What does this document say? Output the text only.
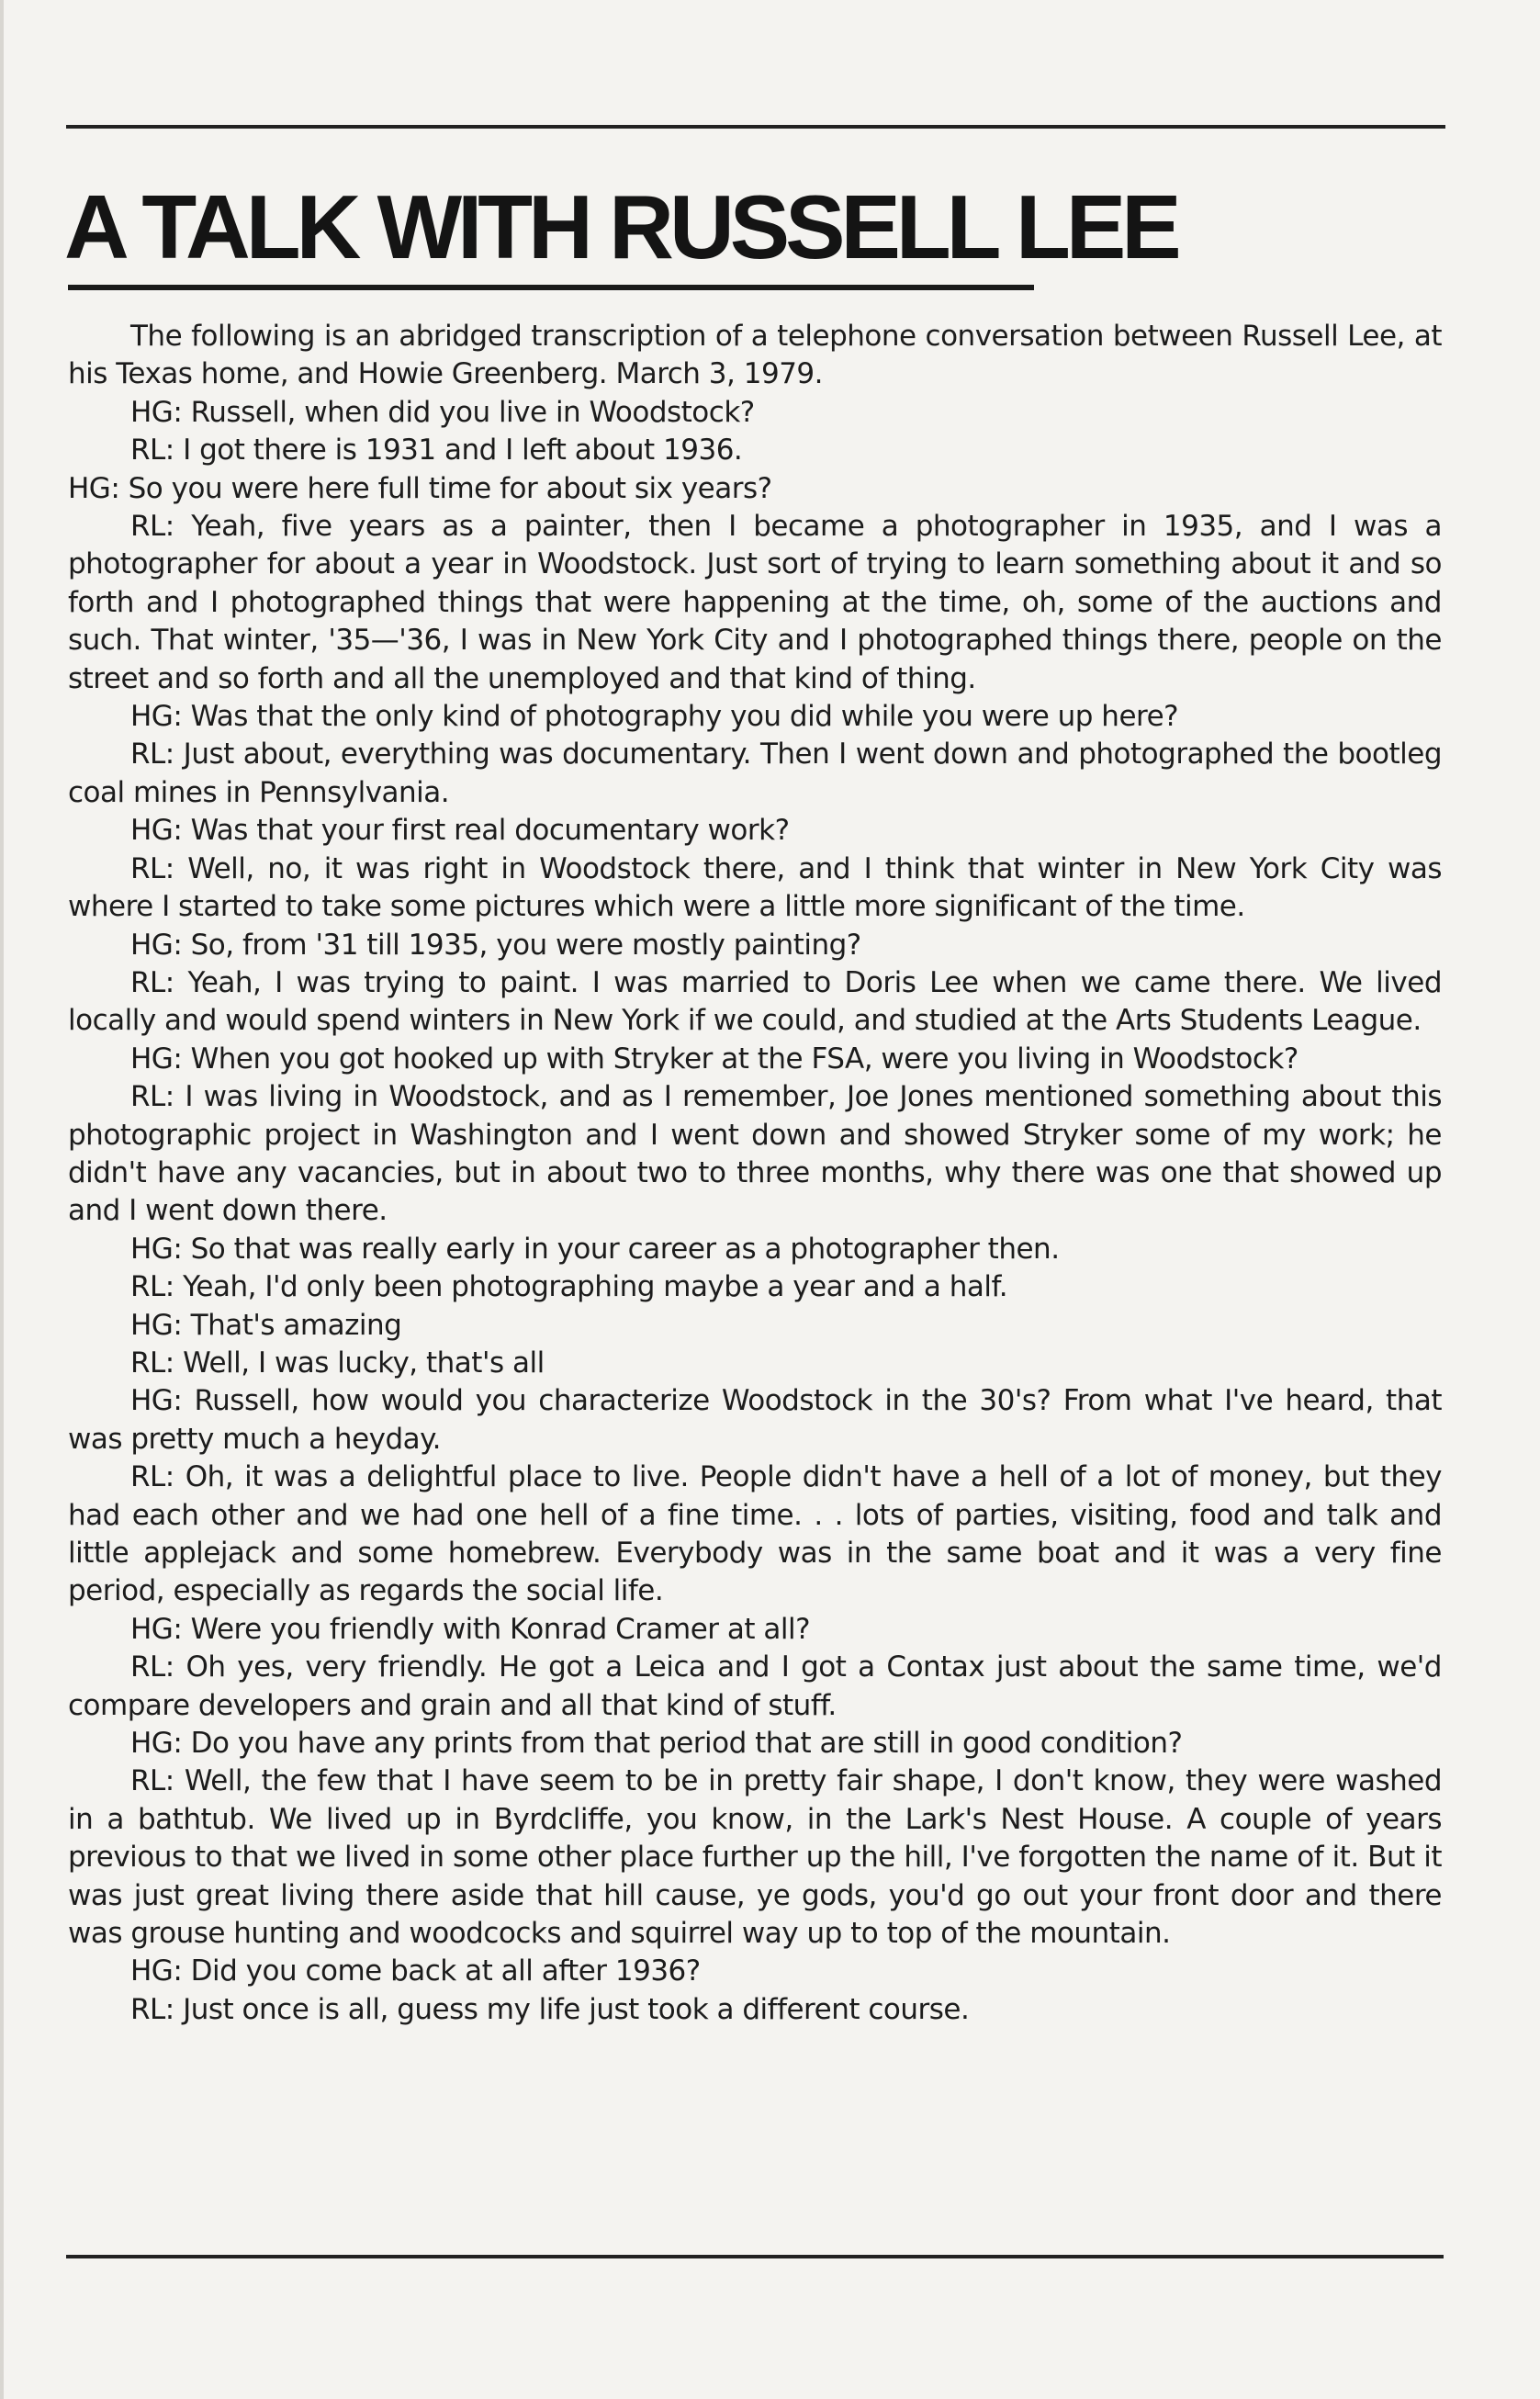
A TALK WITH RUSSELL LEE

The following is an abridged transcription of a telephone conversation between Russell Lee, at his Texas home, and Howie Greenberg. March 3, 1979.

HG: Russell, when did you live in Woodstock?

RL: I got there is 1931 and I left about 1936.

HG: So you were here full time for about six years?

RL: Yeah, five years as a painter, then I became a photographer in 1935, and I was a photographer for about a year in Woodstock. Just sort of trying to learn something about it and so forth and I photographed things that were happening at the time, oh, some of the auctions and such. That winter, '35—'36, I was in New York City and I photographed things there, people on the street and so forth and all the unemployed and that kind of thing.

HG: Was that the only kind of photography you did while you were up here?

RL: Just about, everything was documentary. Then I went down and photographed the bootleg coal mines in Pennsylvania.

HG: Was that your first real documentary work?

RL: Well, no, it was right in Woodstock there, and I think that winter in New York City was where I started to take some pictures which were a little more significant of the time.

HG: So, from '31 till 1935, you were mostly painting?

RL: Yeah, I was trying to paint. I was married to Doris Lee when we came there. We lived locally and would spend winters in New York if we could, and studied at the Arts Students League.

HG: When you got hooked up with Stryker at the FSA, were you living in Woodstock?

RL: I was living in Woodstock, and as I remember, Joe Jones mentioned something about this photographic project in Washington and I went down and showed Stryker some of my work; he didn't have any vacancies, but in about two to three months, why there was one that showed up and I went down there.

HG: So that was really early in your career as a photographer then.

RL: Yeah, I'd only been photographing maybe a year and a half.

HG: That's amazing

RL: Well, I was lucky, that's all

HG: Russell, how would you characterize Woodstock in the 30's? From what I've heard, that was pretty much a heyday.

RL: Oh, it was a delightful place to live. People didn't have a hell of a lot of money, but they had each other and we had one hell of a fine time. . . lots of parties, visiting, food and talk and little applejack and some homebrew. Everybody was in the same boat and it was a very fine period, especially as regards the social life.

HG: Were you friendly with Konrad Cramer at all?

RL: Oh yes, very friendly. He got a Leica and I got a Contax just about the same time, we'd compare developers and grain and all that kind of stuff.

HG: Do you have any prints from that period that are still in good condition?

RL: Well, the few that I have seem to be in pretty fair shape, I don't know, they were washed in a bathtub. We lived up in Byrdcliffe, you know, in the Lark's Nest House. A couple of years previous to that we lived in some other place further up the hill, I've forgotten the name of it. But it was just great living there aside that hill cause, ye gods, you'd go out your front door and there was grouse hunting and woodcocks and squirrel way up to top of the mountain.

HG: Did you come back at all after 1936?

RL: Just once is all, guess my life just took a different course.
